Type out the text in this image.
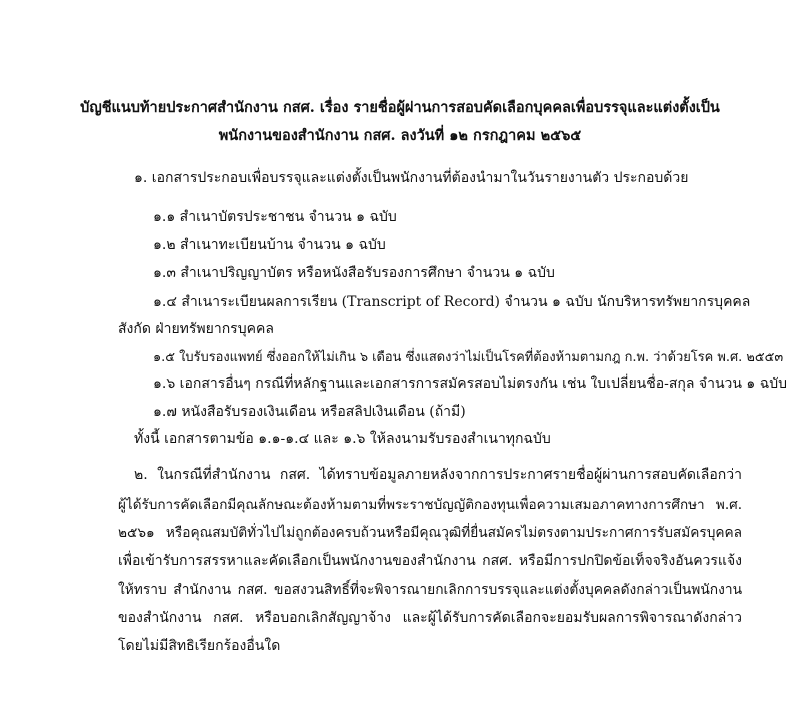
บัญชีแนบท้ายประกาศสำนักงาน กสศ. เรื่อง รายชื่อผู้ผ่านการสอบคัดเลือกบุคคลเพื่อบรรจุและแต่งตั้งเป็น
พนักงานของสำนักงาน กสศ. ลงวันที่ ๑๒ กรกฎาคม ๒๕๖๕
๑. เอกสารประกอบเพื่อบรรจุและแต่งตั้งเป็นพนักงานที่ต้องนำมาในวันรายงานตัว ประกอบด้วย
๑.๑ สำเนาบัตรประชาชน จำนวน ๑ ฉบับ
๑.๒ สำเนาทะเบียนบ้าน จำนวน ๑ ฉบับ
๑.๓ สำเนาปริญญาบัตร หรือหนังสือรับรองการศึกษา จำนวน ๑ ฉบับ
๑.๔ สำเนาระเบียนผลการเรียน (Transcript of Record) จำนวน ๑ ฉบับ นักบริหารทรัพยากรบุคคล
สังกัด ฝ่ายทรัพยากรบุคคล
๑.๕ ใบรับรองแพทย์ ซึ่งออกให้ไม่เกิน ๖ เดือน ซึ่งแสดงว่าไม่เป็นโรคที่ต้องห้ามตามกฎ ก.พ. ว่าด้วยโรค พ.ศ. ๒๕๕๓
๑.๖ เอกสารอื่นๆ กรณีที่หลักฐานและเอกสารการสมัครสอบไม่ตรงกัน เช่น ใบเปลี่ยนชื่อ-สกุล จำนวน ๑ ฉบับ
๑.๗ หนังสือรับรองเงินเดือน หรือสลิปเงินเดือน (ถ้ามี)
ทั้งนี้ เอกสารตามข้อ ๑.๑-๑.๔ และ ๑.๖ ให้ลงนามรับรองสำเนาทุกฉบับ
๒. ในกรณีที่สำนักงาน กสศ. ได้ทราบข้อมูลภายหลังจากการประกาศรายชื่อผู้ผ่านการสอบคัดเลือกว่า
ผู้ได้รับการคัดเลือกมีคุณลักษณะต้องห้ามตามที่พระราชบัญญัติกองทุนเพื่อความเสมอภาคทางการศึกษา พ.ศ.
๒๕๖๑ หรือคุณสมบัติทั่วไปไม่ถูกต้องครบถ้วนหรือมีคุณวุฒิที่ยื่นสมัครไม่ตรงตามประกาศการรับสมัครบุคคล
เพื่อเข้ารับการสรรหาและคัดเลือกเป็นพนักงานของสำนักงาน กสศ. หรือมีการปกปิดข้อเท็จจริงอันควรแจ้ง
ให้ทราบ สำนักงาน กสศ. ขอสงวนสิทธิ์ที่จะพิจารณายกเลิกการบรรจุและแต่งตั้งบุคคลดังกล่าวเป็นพนักงาน
ของสำนักงาน กสศ. หรือบอกเลิกสัญญาจ้าง และผู้ได้รับการคัดเลือกจะยอมรับผลการพิจารณาดังกล่าว
โดยไม่มีสิทธิเรียกร้องอื่นใด
